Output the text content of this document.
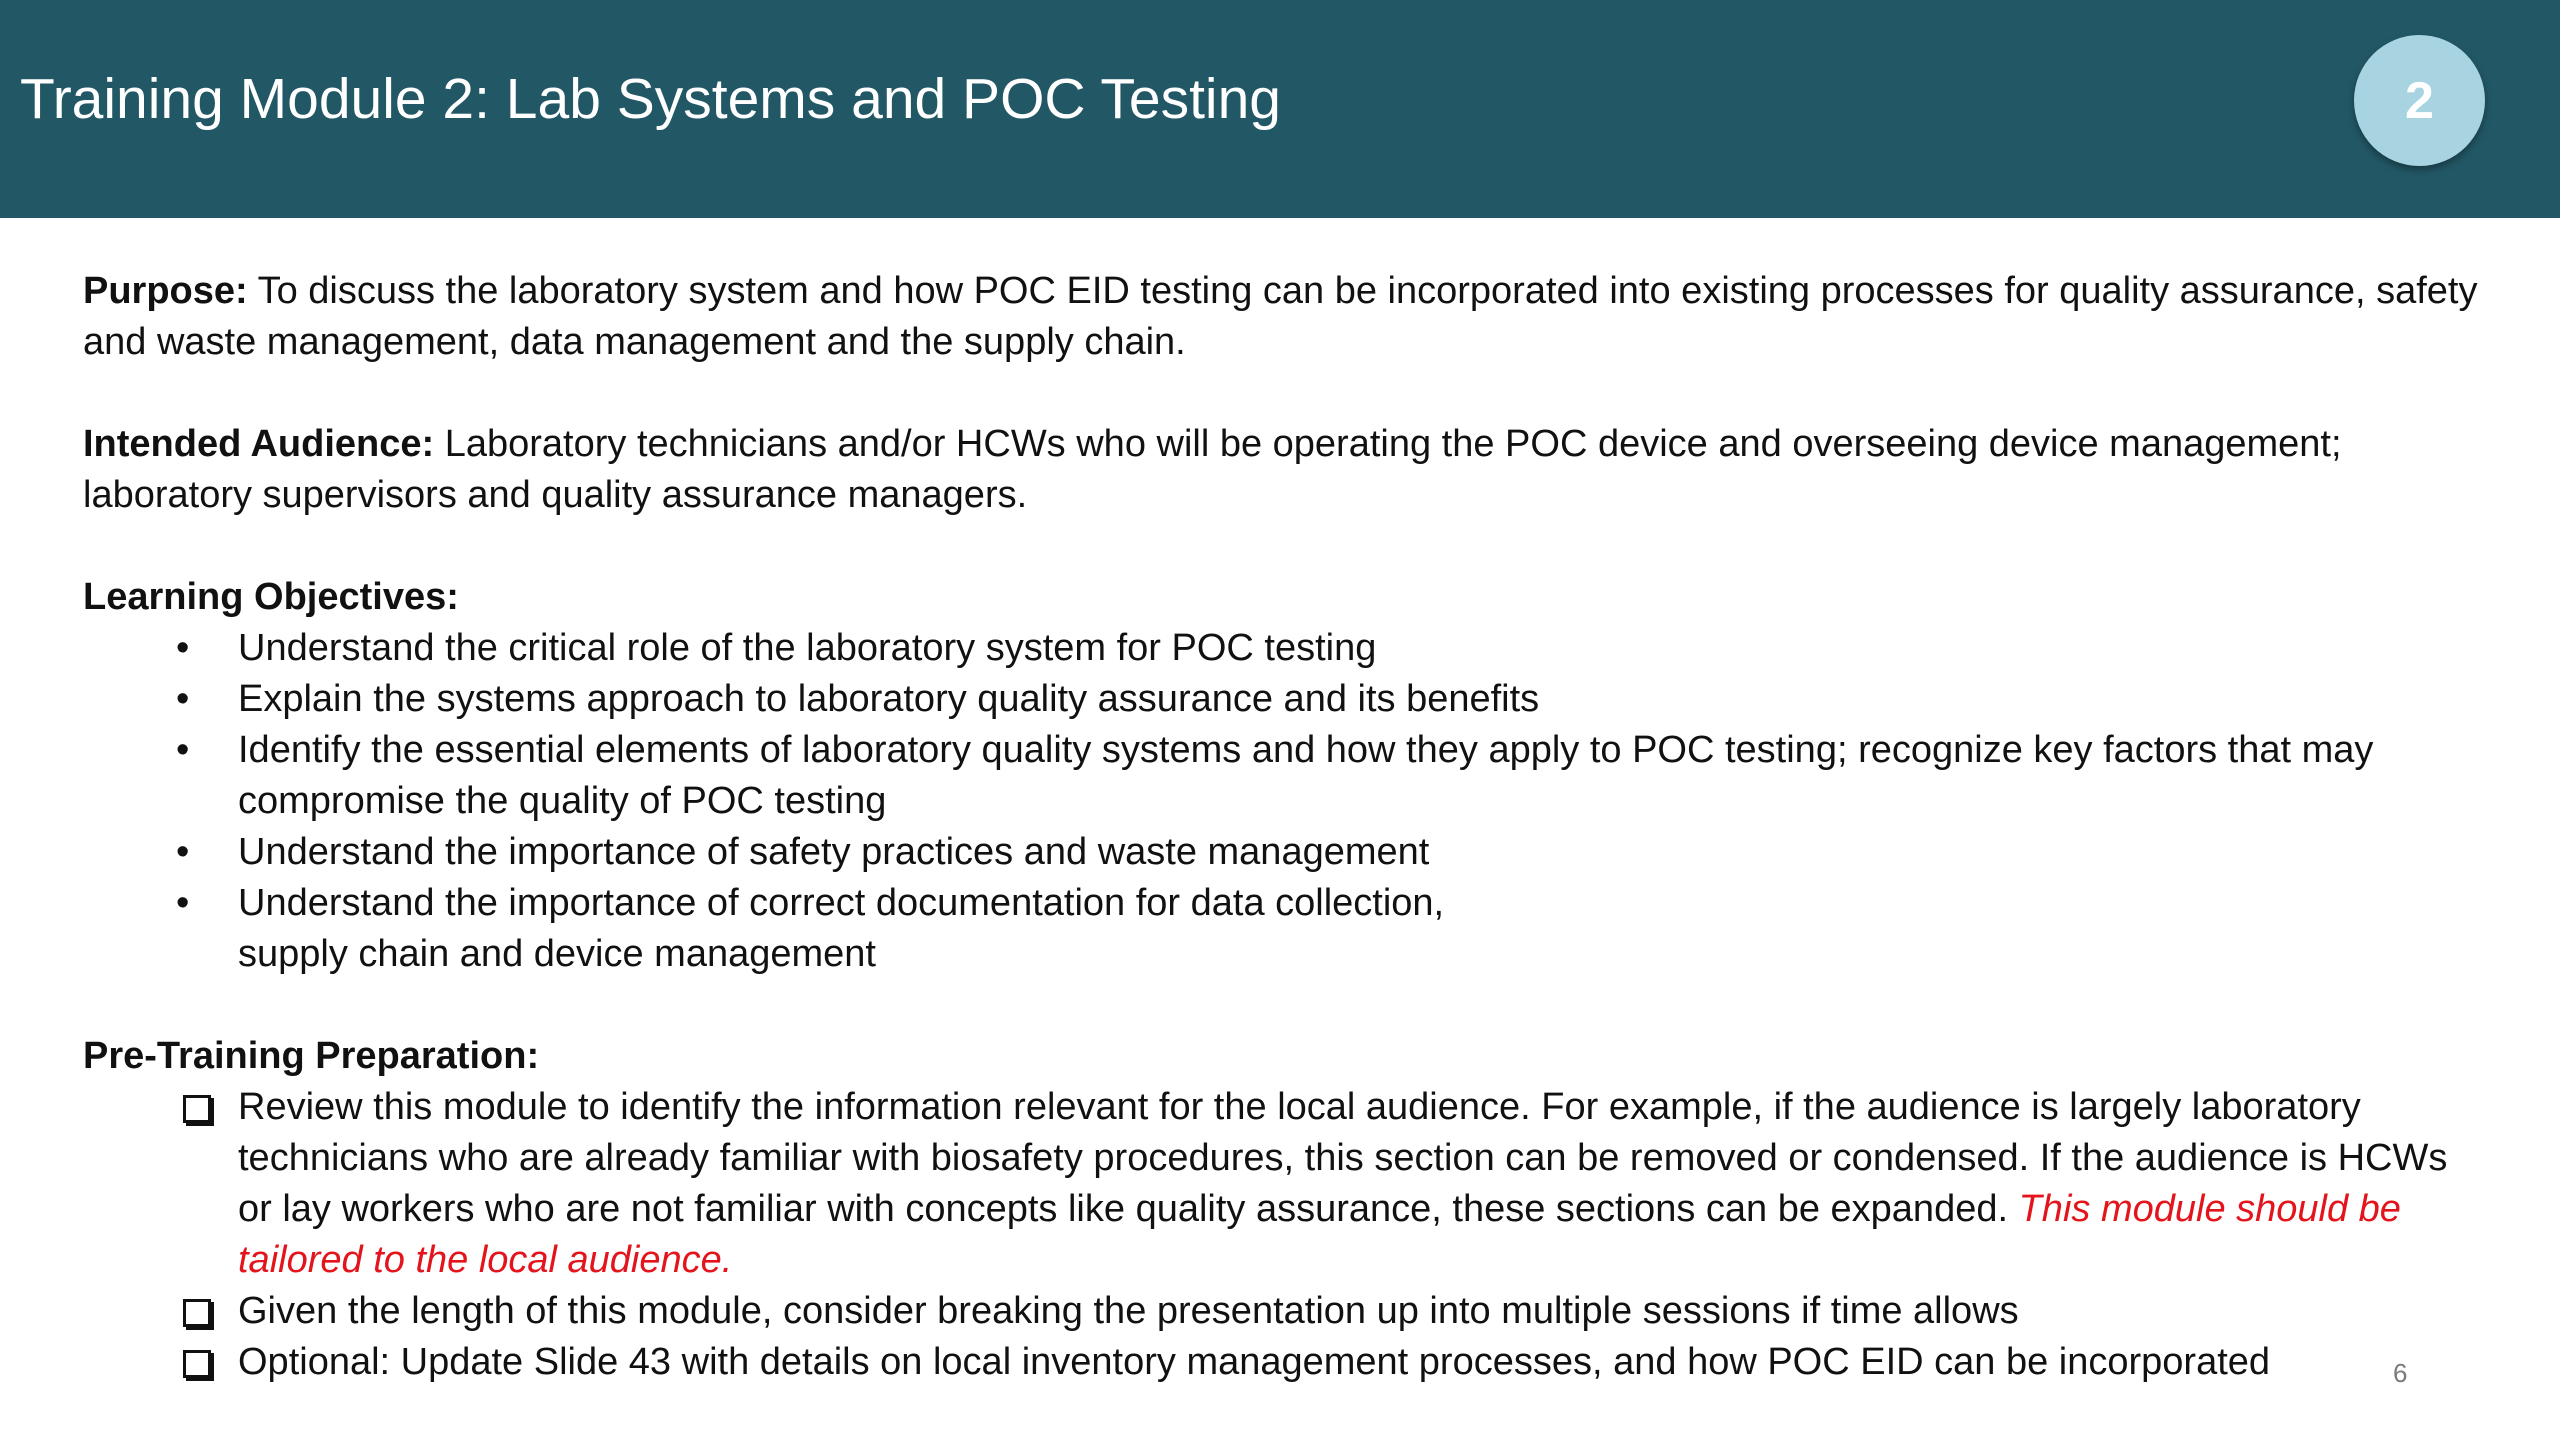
Training Module 2: Lab Systems and POC Testing	2

Purpose: To discuss the laboratory system and how POC EID testing can be incorporated into existing processes for quality assurance, safety and waste management, data management and the supply chain.

Intended Audience: Laboratory technicians and/or HCWs who will be operating the POC device and overseeing device management; laboratory supervisors and quality assurance managers.

Learning Objectives:

• Understand the critical role of the laboratory system for POC testing
• Explain the systems approach to laboratory quality assurance and its benefits
• Identify the essential elements of laboratory quality systems and how they apply to POC testing; recognize key factors that may compromise the quality of POC testing
• Understand the importance of safety practices and waste management
• Understand the importance of correct documentation for data collection, supply chain and device management

Pre-Training Preparation:

Review this module to identify the information relevant for the local audience. For example, if the audience is largely laboratory technicians who are already familiar with biosafety procedures, this section can be removed or condensed. If the audience is HCWs or lay workers who are not familiar with concepts like quality assurance, these sections can be expanded. This module should be tailored to the local audience.
Given the length of this module, consider breaking the presentation up into multiple sessions if time allows
Optional: Update Slide 43 with details on local inventory management processes, and how POC EID can be incorporated	6
